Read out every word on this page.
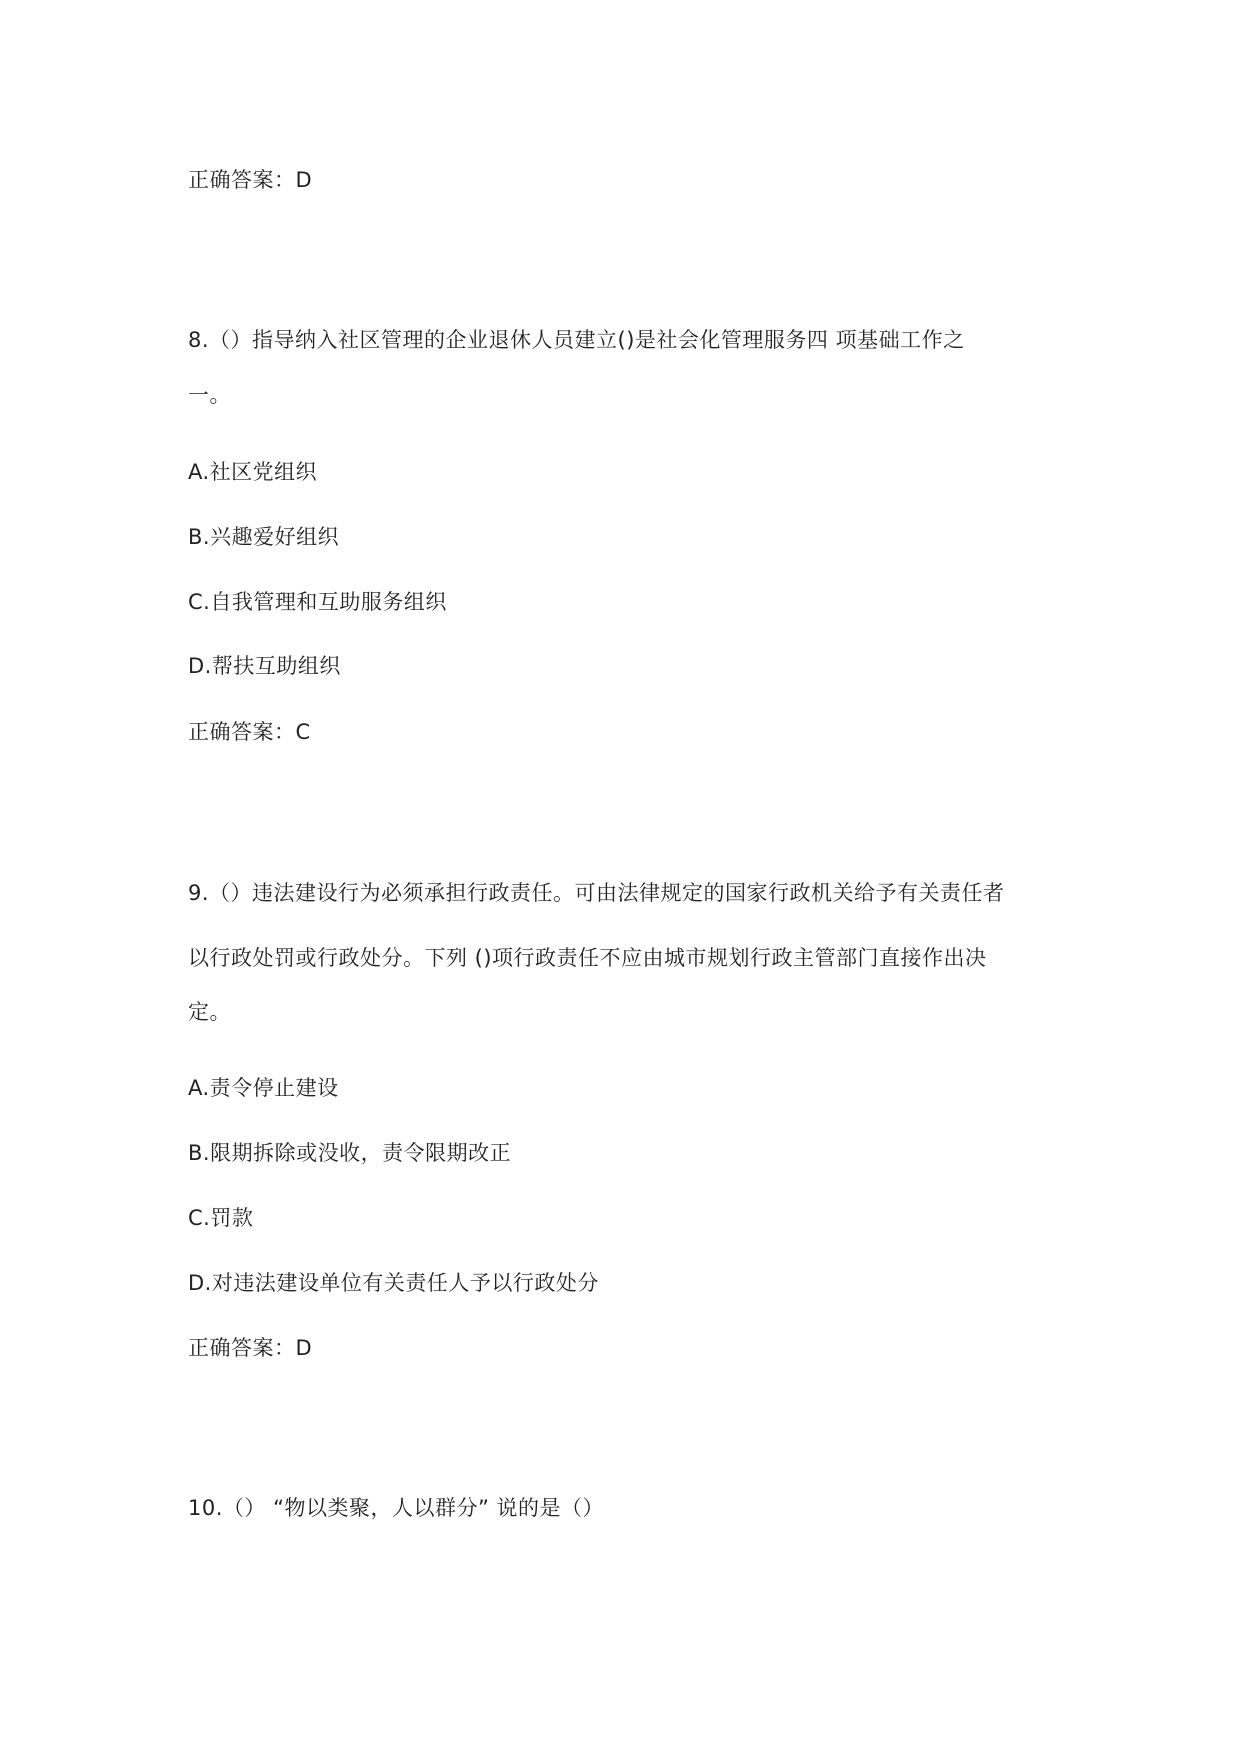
正确答案：D
8.（）指导纳入社区管理的企业退休人员建立()是社会化管理服务四 项基础工作之
一。
A.社区党组织
B.兴趣爱好组织
C.自我管理和互助服务组织
D.帮扶互助组织
正确答案：C
9.（）违法建设行为必须承担行政责任。可由法律规定的国家行政机关给予有关责任者
以行政处罚或行政处分。下列 ()项行政责任不应由城市规划行政主管部门直接作出决
定。
A.责令停止建设
B.限期拆除或没收，责令限期改正
C.罚款
D.对违法建设单位有关责任人予以行政处分
正确答案：D
10.（） “物以类聚，人以群分” 说的是（）
